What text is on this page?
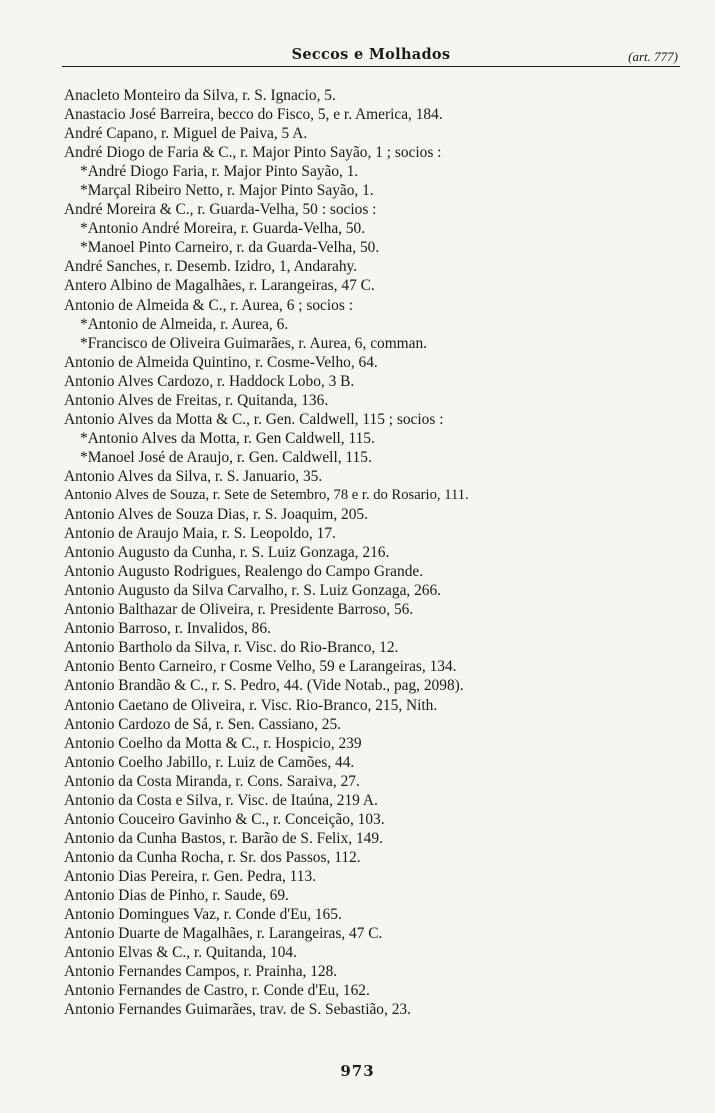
Seccos e Molhados	(art. 777)
Anacleto Monteiro da Silva, r. S. Ignacio, 5.
Anastacio José Barreira, becco do Fisco, 5, e r. America, 184.
André Capano, r. Miguel de Paiva, 5 A.
André Diogo de Faria & C., r. Major Pinto Sayão, 1 ; socios :
*André Diogo Faria, r. Major Pinto Sayão, 1.
*Marçal Ribeiro Netto, r. Major Pinto Sayão, 1.
André Moreira & C., r. Guarda-Velha, 50 : socios :
*Antonio André Moreira, r. Guarda-Velha, 50.
*Manoel Pinto Carneiro, r. da Guarda-Velha, 50.
André Sanches, r. Desemb. Izidro, 1, Andarahy.
Antero Albino de Magalhães, r. Larangeiras, 47 C.
Antonio de Almeida & C., r. Aurea, 6 ; socios :
*Antonio de Almeida, r. Aurea, 6.
*Francisco de Oliveira Guimarães, r. Aurea, 6, comman.
Antonio de Almeida Quintino, r. Cosme-Velho, 64.
Antonio Alves Cardozo, r. Haddock Lobo, 3 B.
Antonio Alves de Freitas, r. Quitanda, 136.
Antonio Alves da Motta & C., r. Gen. Caldwell, 115 ; socios :
*Antonio Alves da Motta, r. Gen Caldwell, 115.
*Manoel José de Araujo, r. Gen. Caldwell, 115.
Antonio Alves da Silva, r. S. Januario, 35.
Antonio Alves de Souza, r. Sete de Setembro, 78 e r. do Rosario, 111.
Antonio Alves de Souza Dias, r. S. Joaquim, 205.
Antonio de Araujo Maia, r. S. Leopoldo, 17.
Antonio Augusto da Cunha, r. S. Luiz Gonzaga, 216.
Antonio Augusto Rodrigues, Realengo do Campo Grande.
Antonio Augusto da Silva Carvalho, r. S. Luiz Gonzaga, 266.
Antonio Balthazar de Oliveira, r. Presidente Barroso, 56.
Antonio Barroso, r. Invalidos, 86.
Antonio Bartholo da Silva, r. Visc. do Rio-Branco, 12.
Antonio Bento Carneiro, r Cosme Velho, 59 e Larangeiras, 134.
Antonio Brandão & C., r. S. Pedro, 44. (Vide Notab., pag, 2098).
Antonio Caetano de Oliveira, r. Visc. Rio-Branco, 215, Nith.
Antonio Cardozo de Sá, r. Sen. Cassiano, 25.
Antonio Coelho da Motta & C., r. Hospicio, 239
Antonio Coelho Jabillo, r. Luiz de Camões, 44.
Antonio da Costa Miranda, r. Cons. Saraiva, 27.
Antonio da Costa e Silva, r. Visc. de Itaúna, 219 A.
Antonio Couceiro Gavinho & C., r. Conceição, 103.
Antonio da Cunha Bastos, r. Barão de S. Felix, 149.
Antonio da Cunha Rocha, r. Sr. dos Passos, 112.
Antonio Dias Pereira, r. Gen. Pedra, 113.
Antonio Dias de Pinho, r. Saude, 69.
Antonio Domingues Vaz, r. Conde d'Eu, 165.
Antonio Duarte de Magalhães, r. Larangeiras, 47 C.
Antonio Elvas & C., r. Quitanda, 104.
Antonio Fernandes Campos, r. Prainha, 128.
Antonio Fernandes de Castro, r. Conde d'Eu, 162.
Antonio Fernandes Guimarães, trav. de S. Sebastião, 23.
973
